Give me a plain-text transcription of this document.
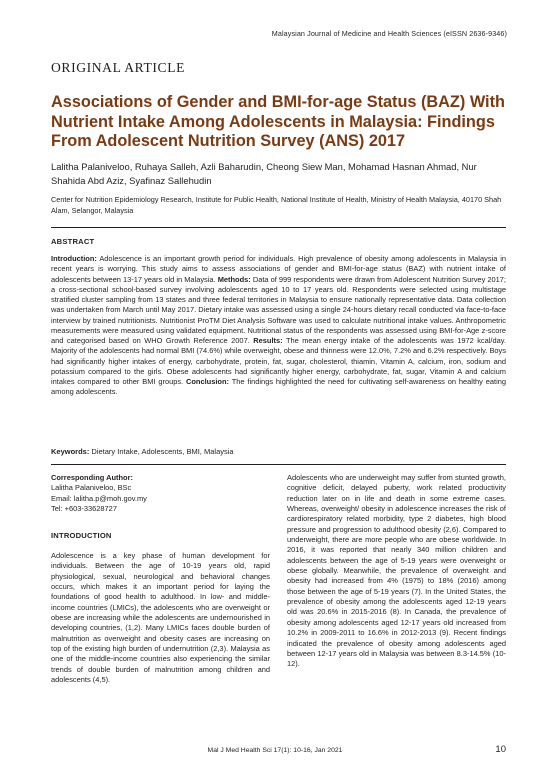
Malaysian Journal of Medicine and Health Sciences (eISSN 2636-9346)
ORIGINAL ARTICLE
Associations of Gender and BMI-for-age Status (BAZ) With Nutrient Intake Among Adolescents in Malaysia: Findings From Adolescent Nutrition Survey (ANS) 2017
Lalitha Palaniveloo, Ruhaya Salleh, Azli Baharudin, Cheong Siew Man, Mohamad Hasnan Ahmad, Nur Shahida Abd Aziz, Syafinaz Sallehudin
Center for Nutrition Epidemiology Research, Institute for Public Health, National Institute of Health, Ministry of Health Malaysia, 40170 Shah Alam, Selangor, Malaysia
ABSTRACT
Introduction: Adolescence is an important growth period for individuals. High prevalence of obesity among adolescents in Malaysia in recent years is worrying. This study aims to assess associations of gender and BMI-for-age status (BAZ) with nutrient intake of adolescents between 13-17 years old in Malaysia. Methods: Data of 999 respondents were drawn from Adolescent Nutrition Survey 2017; a cross-sectional school-based survey involving adolescents aged 10 to 17 years old. Respondents were selected using multistage stratified cluster sampling from 13 states and three federal territories in Malaysia to ensure nationally representative data. Data collection was undertaken from March until May 2017. Dietary intake was assessed using a single 24-hours dietary recall conducted via face-to-face interview by trained nutritionists. Nutritionist ProTM Diet Analysis Software was used to calculate nutritional intake values. Anthropometric measurements were measured using validated equipment. Nutritional status of the respondents was assessed using BMI-for-Age z-score and categorised based on WHO Growth Reference 2007. Results: The mean energy intake of the adolescents was 1972 kcal/day. Majority of the adolescents had normal BMI (74.6%) while overweight, obese and thinness were 12.0%, 7.2% and 6.2% respectively. Boys had significantly higher intakes of energy, carbohydrate, protein, fat, sugar, cholesterol, thiamin, Vitamin A, calcium, iron, sodium and potassium compared to the girls. Obese adolescents had significantly higher energy, carbohydrate, fat, sugar, Vitamin A and calcium intakes compared to other BMI groups. Conclusion: The findings highlighted the need for cultivating self-awareness on healthy eating among adolescents.
Keywords: Dietary Intake, Adolescents, BMI, Malaysia
Corresponding Author:
Lalitha Palaniveloo, BSc
Email: lalitha.p@moh.gov.my
Tel: +603-33628727
INTRODUCTION
Adolescence is a key phase of human development for individuals. Between the age of 10-19 years old, rapid physiological, sexual, neurological and behavioral changes occurs, which makes it an important period for laying the foundations of good health to adulthood. In low- and middle-income countries (LMICs), the adolescents who are overweight or obese are increasing while the adolescents are undernourished in developing countries, (1,2). Many LMICs faces double burden of malnutrition as overweight and obesity cases are increasing on top of the existing high burden of undernutrition (2,3). Malaysia as one of the middle-income countries also experiencing the similar trends of double burden of malnutrition among children and adolescents (4,5).
Adolescents who are underweight may suffer from stunted growth, cognitive deficit, delayed puberty, work related productivity reduction later on in life and death in some extreme cases. Whereas, overweight/ obesity in adolescence increases the risk of cardiorespiratory related morbidity, type 2 diabetes, high blood pressure and progression to adulthood obesity (2,6). Compared to underweight, there are more people who are obese worldwide. In 2016, it was reported that nearly 340 million children and adolescents between the age of 5-19 years were overweight or obese globally. Meanwhile, the prevalence of overweight and obesity had increased from 4% (1975) to 18% (2016) among those between the age of 5-19 years (7). In the United States, the prevalence of obesity among the adolescents aged 12-19 years old was 20.6% in 2015-2016 (8). In Canada, the prevalence of obesity among adolescents aged 12-17 years old increased from 10.2% in 2009-2011 to 16.6% in 2012-2013 (9). Recent findings indicated the prevalence of obesity among adolescents aged between 12-17 years old in Malaysia was between 8.3-14.5% (10-12).
Mal J Med Health Sci 17(1): 10-16, Jan 2021	10
